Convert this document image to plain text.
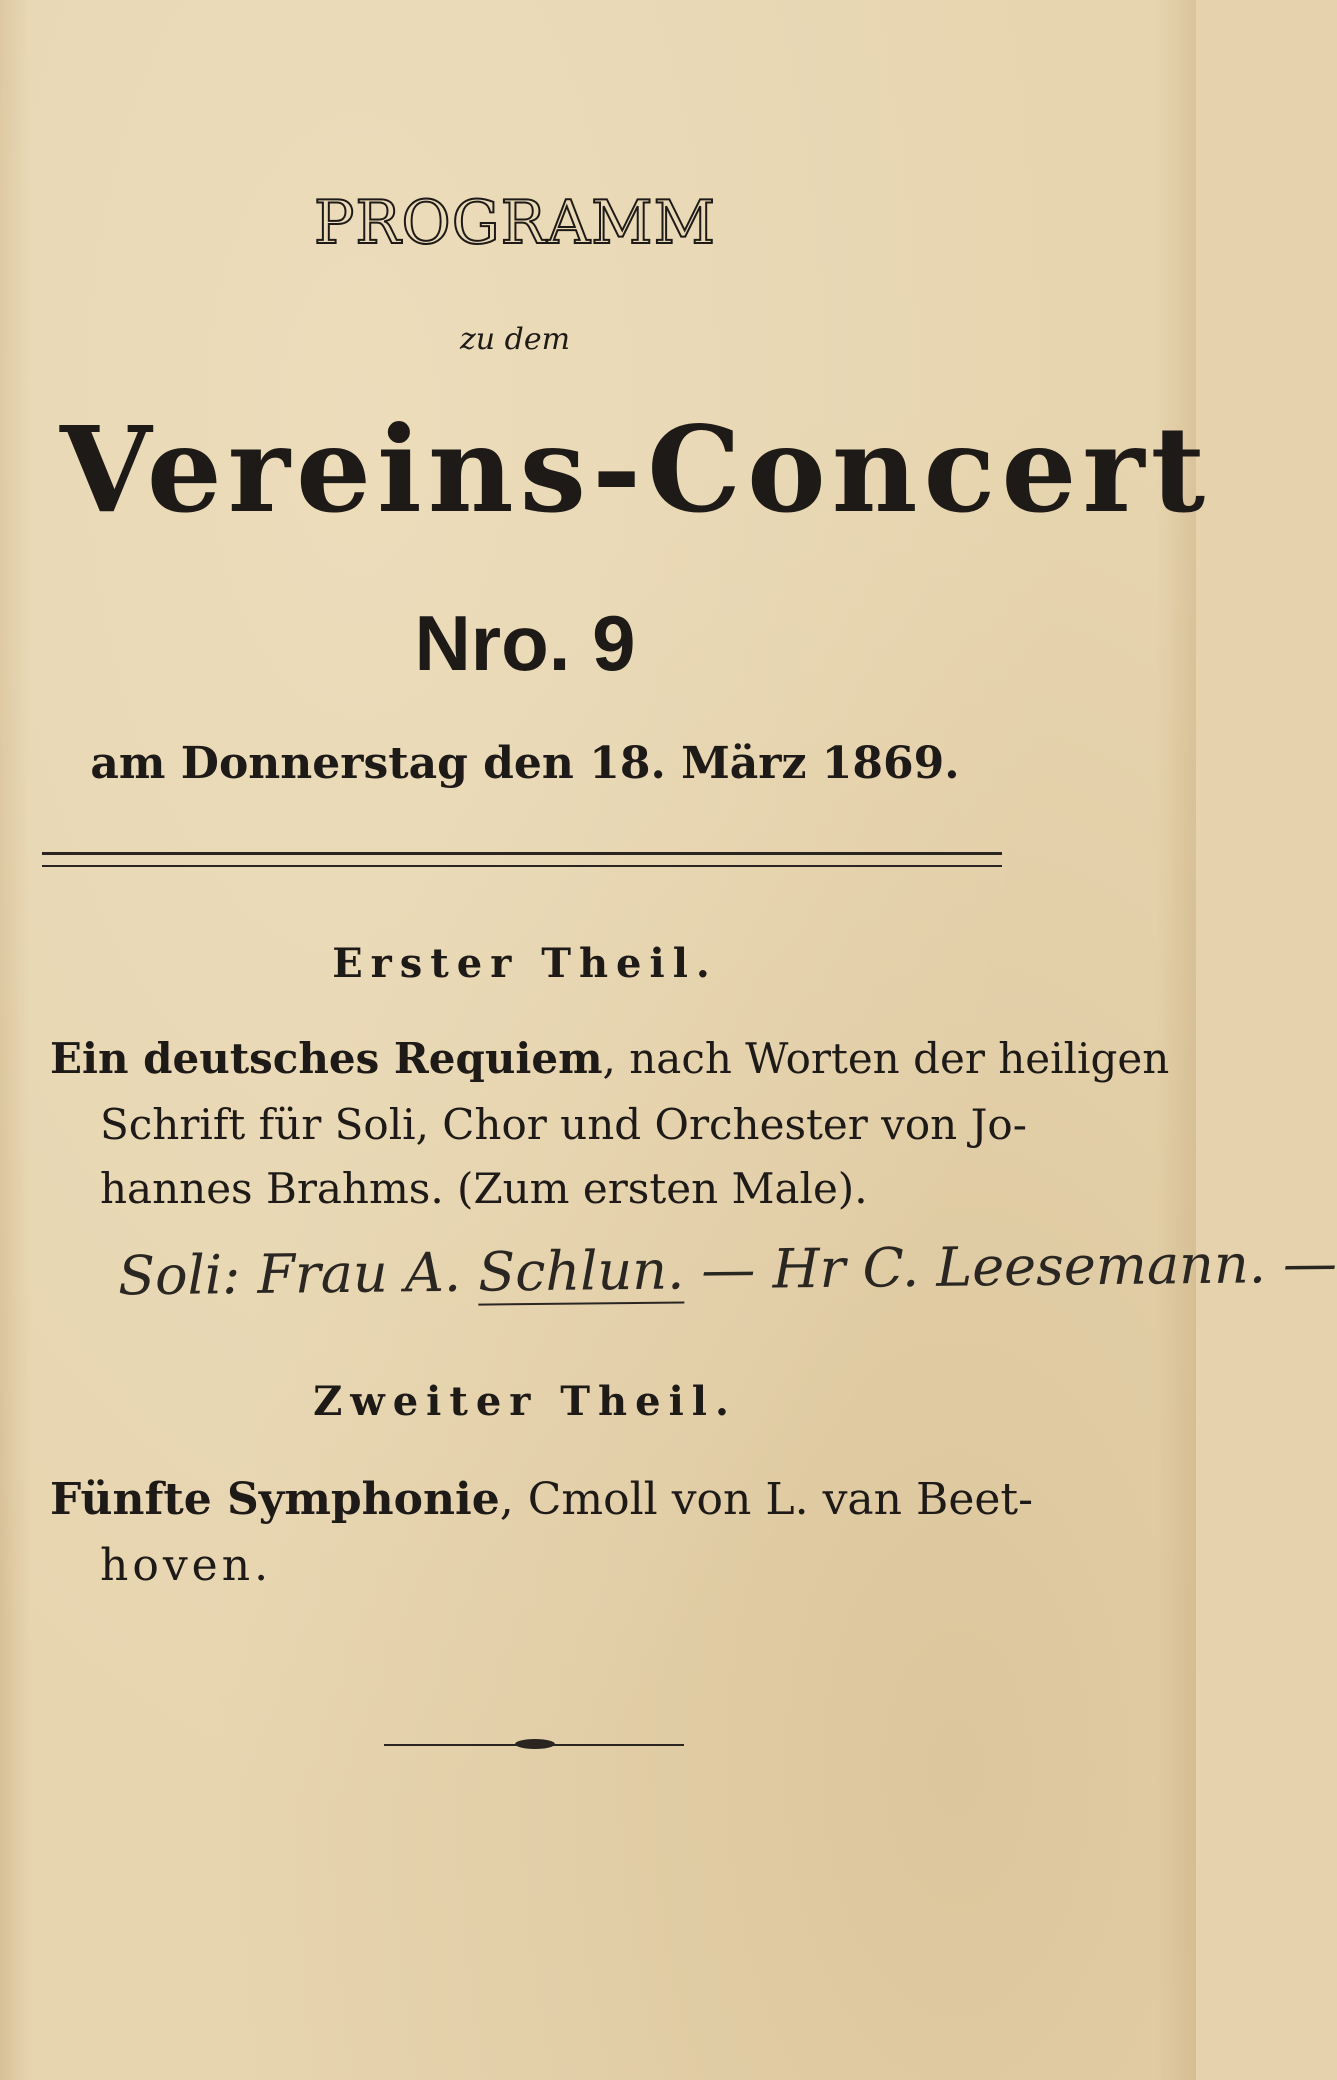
PROGRAMM
zu dem
Vereins-Concert
Nro. 9
am Donnerstag den 18. März 1869.
Erster Theil.
Ein deutsches Requiem, nach Worten der heiligen
Schrift für Soli, Chor und Orchester von Jo-
hannes Brahms. (Zum ersten Male).
Soli: Frau A. Schlun. — Hr C. Leesemann. —
Zweiter Theil.
Fünfte Symphonie, Cmoll von L. van Beet-
hoven.
